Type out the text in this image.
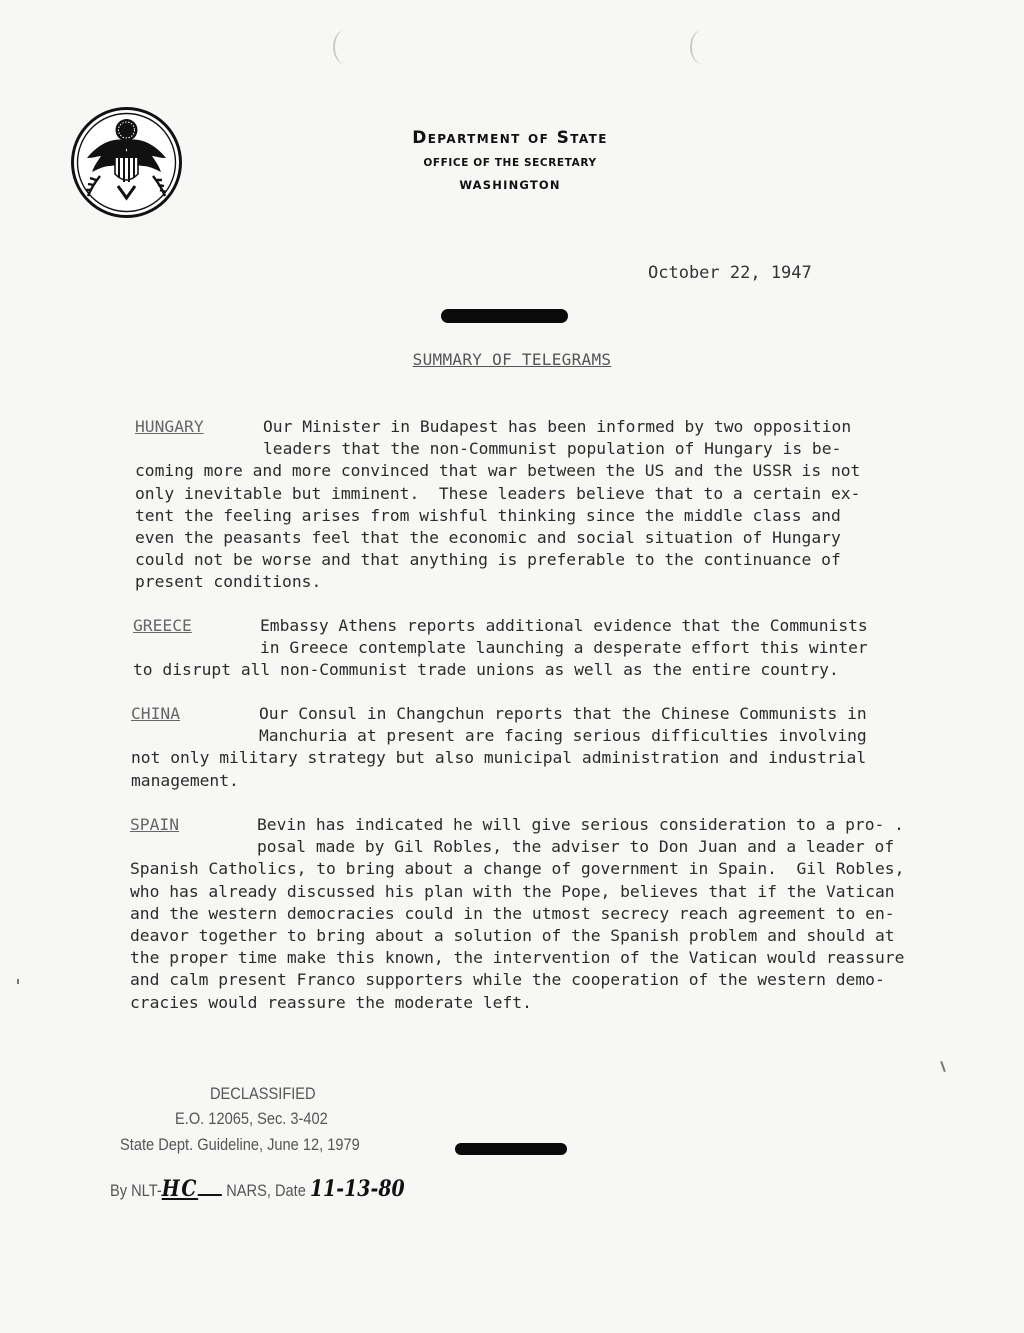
Department of State
OFFICE OF THE SECRETARY
WASHINGTON
October 22, 1947
SUMMARY OF TELEGRAMS
HUNGARY	Our Minister in Budapest has been informed by two opposition
leaders that the non-Communist population of Hungary is be-
coming more and more convinced that war between the US and the USSR is not
only inevitable but imminent.  These leaders believe that to a certain ex-
tent the feeling arises from wishful thinking since the middle class and
even the peasants feel that the economic and social situation of Hungary
could not be worse and that anything is preferable to the continuance of
present conditions.
GREECE	Embassy Athens reports additional evidence that the Communists
in Greece contemplate launching a desperate effort this winter
to disrupt all non-Communist trade unions as well as the entire country.
CHINA	Our Consul in Changchun reports that the Chinese Communists in
Manchuria at present are facing serious difficulties involving
not only military strategy but also municipal administration and industrial
management.
SPAIN	Bevin has indicated he will give serious consideration to a pro- .
posal made by Gil Robles, the adviser to Don Juan and a leader of
Spanish Catholics, to bring about a change of government in Spain.  Gil Robles,
who has already discussed his plan with the Pope, believes that if the Vatican
and the western democracies could in the utmost secrecy reach agreement to en-
deavor together to bring about a solution of the Spanish problem and should at
the proper time make this known, the intervention of the Vatican would reassure
and calm present Franco supporters while the cooperation of the western demo-
cracies would reassure the moderate left.
DECLASSIFIED
E.O. 12065, Sec. 3-402
State Dept. Guideline, June 12, 1979
By NLT-HC NARS, Date 11-13-80
